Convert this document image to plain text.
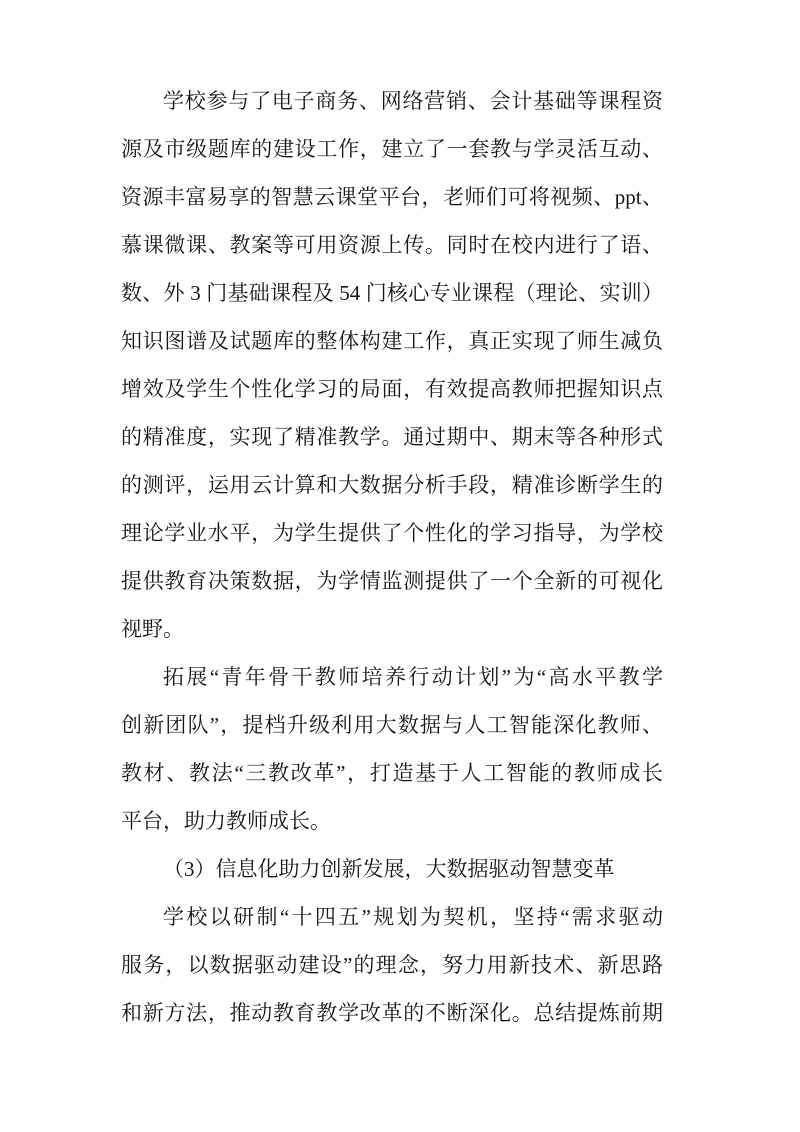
学校参与了电子商务、网络营销、会计基础等课程资
源及市级题库的建设工作，建立了一套教与学灵活互动、
资源丰富易享的智慧云课堂平台，老师们可将视频、ppt、
慕课微课、教案等可用资源上传。同时在校内进行了语、
数、外 3 门基础课程及 54 门核心专业课程（理论、实训）
知识图谱及试题库的整体构建工作，真正实现了师生减负
增效及学生个性化学习的局面，有效提高教师把握知识点
的精准度，实现了精准教学。通过期中、期末等各种形式
的测评，运用云计算和大数据分析手段，精准诊断学生的
理论学业水平，为学生提供了个性化的学习指导，为学校
提供教育决策数据，为学情监测提供了一个全新的可视化
视野。
拓展“青年骨干教师培养行动计划”为“高水平教学
创新团队”，提档升级利用大数据与人工智能深化教师、
教材、教法“三教改革”，打造基于人工智能的教师成长
平台，助力教师成长。
（3）信息化助力创新发展，大数据驱动智慧变革
学校以研制“十四五”规划为契机，坚持“需求驱动
服务，以数据驱动建设”的理念，努力用新技术、新思路
和新方法，推动教育教学改革的不断深化。总结提炼前期
